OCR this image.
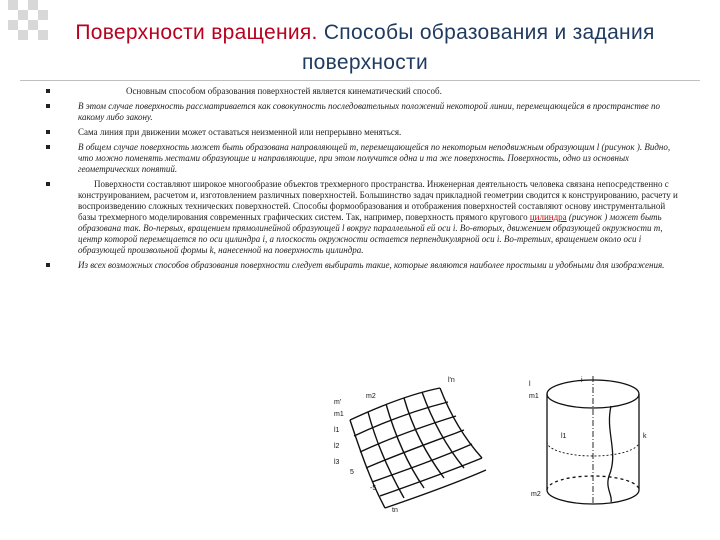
Поверхности вращения. Способы образования и задания поверхности
Основным способом образования поверхностей является кинематический способ.
В этом случае поверхность рассматривается как совокупность последовательных положений некоторой линии, перемещающейся в пространстве по какому либо закону.
Сама линия при движении может оставаться неизменной или непрерывно меняться.
В общем случае поверхность может быть образована направляющей m, перемещающейся по некоторым неподвижным образующим l (рисунок ). Видно, что можно поменять местами образующие и направляющие, при этом получится одна и та же поверхность. Поверхность, одно из основных геометрических понятий.
Поверхности составляют широкое многообразие объектов трехмерного пространства. Инженерная деятельность человека связана непосредственно с конструированием, расчетом и, изготовлением различных поверхностей. Большинство задач прикладной геометрии сводится к конструированию, расчету и воспроизведению сложных технических поверхностей. Способы формообразования и отображения поверхностей составляют основу инструментальной базы трехмерного моделирования современных графических систем. Так, например, поверхность прямого кругового цилиндра (рисунок ) может быть образована так. Во-первых, вращением прямолинейной образующей l вокруг параллельной ей оси i. Во-вторых, движением образующей окружности m, центр которой перемещается по оси цилиндра i, а плоскость окружности остается перпендикулярной оси i. Во-третьих, вращением около оси i образующей произвольной формы k, нанесенной на поверхность цилиндра.
Из всех возможных способов образования поверхности следует выбирать такие, которые являются наиболее простыми и удобными для изображения.
l'n
m'
m2
m1
l1
l2
l3
tn
-5
5
i
l
m1
l1
m2
k
